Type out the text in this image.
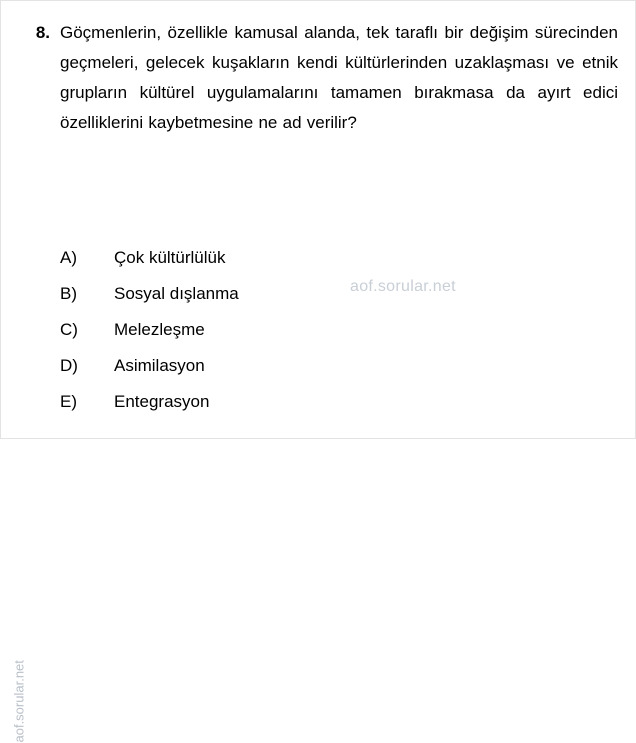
8. Göçmenlerin, özellikle kamusal alanda, tek taraflı bir değişim sürecinden geçmeleri, gelecek kuşakların kendi kültürlerinden uzaklaşması ve etnik grupların kültürel uygulamalarını tamamen bırakmasa da ayırt edici özelliklerini kaybetmesine ne ad verilir?
A)	Çok kültürlülük
B)	Sosyal dışlanma
C)	Melezleşme
D)	Asimilasyon
E)	Entegrasyon
aof.sorular.net
aof.sorular.net
